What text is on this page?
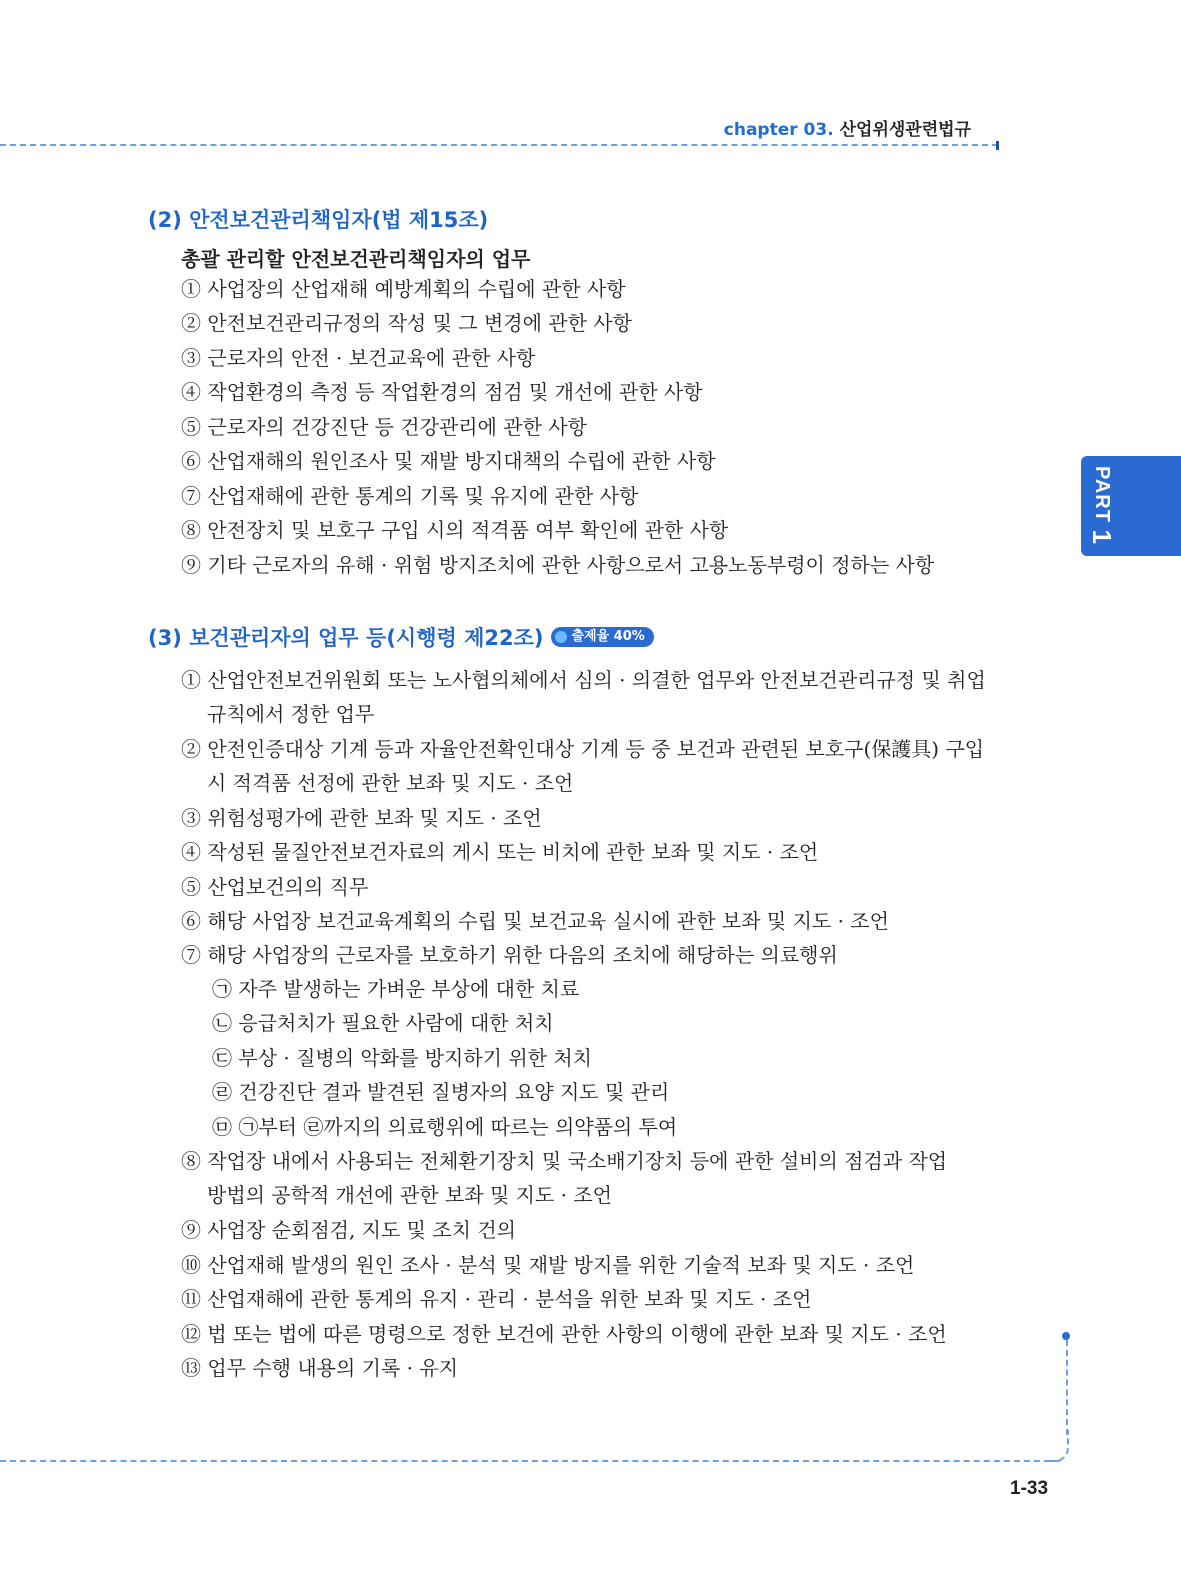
chapter 03. 산업위생관련법규
PART 1
1-33
(2) 안전보건관리책임자(법 제15조)
총괄 관리할 안전보건관리책임자의 업무
① 사업장의 산업재해 예방계획의 수립에 관한 사항
② 안전보건관리규정의 작성 및 그 변경에 관한 사항
③ 근로자의 안전 · 보건교육에 관한 사항
④ 작업환경의 측정 등 작업환경의 점검 및 개선에 관한 사항
⑤ 근로자의 건강진단 등 건강관리에 관한 사항
⑥ 산업재해의 원인조사 및 재발 방지대책의 수립에 관한 사항
⑦ 산업재해에 관한 통계의 기록 및 유지에 관한 사항
⑧ 안전장치 및 보호구 구입 시의 적격품 여부 확인에 관한 사항
⑨ 기타 근로자의 유해 · 위험 방지조치에 관한 사항으로서 고용노동부령이 정하는 사항
(3) 보건관리자의 업무 등(시행령 제22조) 출제율 40%
① 산업안전보건위원회 또는 노사협의체에서 심의 · 의결한 업무와 안전보건관리규정 및 취업
규칙에서 정한 업무
② 안전인증대상 기계 등과 자율안전확인대상 기계 등 중 보건과 관련된 보호구(保護具) 구입
시 적격품 선정에 관한 보좌 및 지도 · 조언
③ 위험성평가에 관한 보좌 및 지도 · 조언
④ 작성된 물질안전보건자료의 게시 또는 비치에 관한 보좌 및 지도 · 조언
⑤ 산업보건의의 직무
⑥ 해당 사업장 보건교육계획의 수립 및 보건교육 실시에 관한 보좌 및 지도 · 조언
⑦ 해당 사업장의 근로자를 보호하기 위한 다음의 조치에 해당하는 의료행위
㉠ 자주 발생하는 가벼운 부상에 대한 치료
㉡ 응급처치가 필요한 사람에 대한 처치
㉢ 부상 · 질병의 악화를 방지하기 위한 처치
㉣ 건강진단 결과 발견된 질병자의 요양 지도 및 관리
㉤ ㉠부터 ㉣까지의 의료행위에 따르는 의약품의 투여
⑧ 작업장 내에서 사용되는 전체환기장치 및 국소배기장치 등에 관한 설비의 점검과 작업
방법의 공학적 개선에 관한 보좌 및 지도 · 조언
⑨ 사업장 순회점검, 지도 및 조치 건의
⑩ 산업재해 발생의 원인 조사 · 분석 및 재발 방지를 위한 기술적 보좌 및 지도 · 조언
⑪ 산업재해에 관한 통계의 유지 · 관리 · 분석을 위한 보좌 및 지도 · 조언
⑫ 법 또는 법에 따른 명령으로 정한 보건에 관한 사항의 이행에 관한 보좌 및 지도 · 조언
⑬ 업무 수행 내용의 기록 · 유지
